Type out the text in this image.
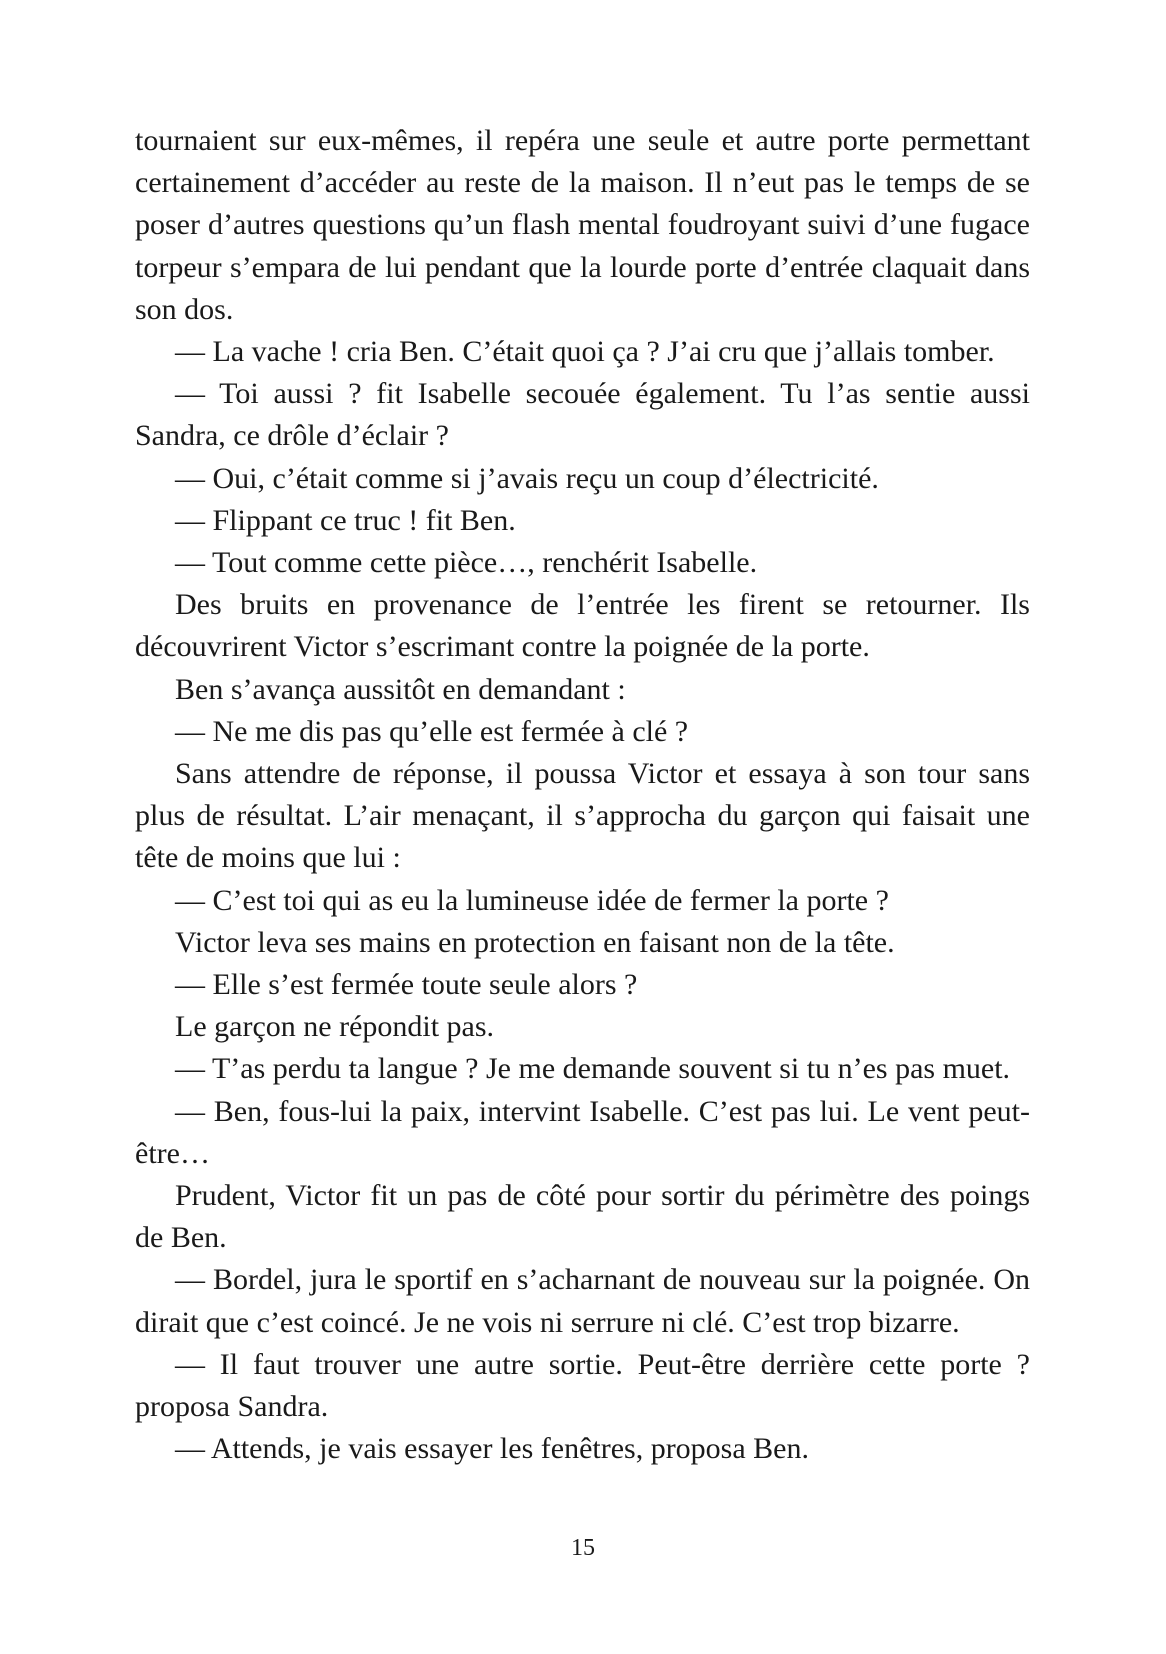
tournaient sur eux-mêmes, il repéra une seule et autre porte permettant certainement d’accéder au reste de la maison. Il n’eut pas le temps de se poser d’autres questions qu’un flash mental foudroyant suivi d’une fugace torpeur s’empara de lui pendant que la lourde porte d’entrée claquait dans son dos.

— La vache ! cria Ben. C’était quoi ça ? J’ai cru que j’allais tomber.

— Toi aussi ? fit Isabelle secouée également. Tu l’as sentie aussi Sandra, ce drôle d’éclair ?

— Oui, c’était comme si j’avais reçu un coup d’électricité.

— Flippant ce truc ! fit Ben.

— Tout comme cette pièce…, renchérit Isabelle.

Des bruits en provenance de l’entrée les firent se retourner. Ils découvrirent Victor s’escrimant contre la poignée de la porte.

Ben s’avança aussitôt en demandant :

— Ne me dis pas qu’elle est fermée à clé ?

Sans attendre de réponse, il poussa Victor et essaya à son tour sans plus de résultat. L’air menaçant, il s’approcha du garçon qui faisait une tête de moins que lui :

— C’est toi qui as eu la lumineuse idée de fermer la porte ?

Victor leva ses mains en protection en faisant non de la tête.

— Elle s’est fermée toute seule alors ?

Le garçon ne répondit pas.

— T’as perdu ta langue ? Je me demande souvent si tu n’es pas muet.

— Ben, fous-lui la paix, intervint Isabelle. C’est pas lui. Le vent peut-être…

Prudent, Victor fit un pas de côté pour sortir du périmètre des poings de Ben.

— Bordel, jura le sportif en s’acharnant de nouveau sur la poignée. On dirait que c’est coincé. Je ne vois ni serrure ni clé. C’est trop bizarre.

— Il faut trouver une autre sortie. Peut-être derrière cette porte ? proposa Sandra.

— Attends, je vais essayer les fenêtres, proposa Ben.

15
